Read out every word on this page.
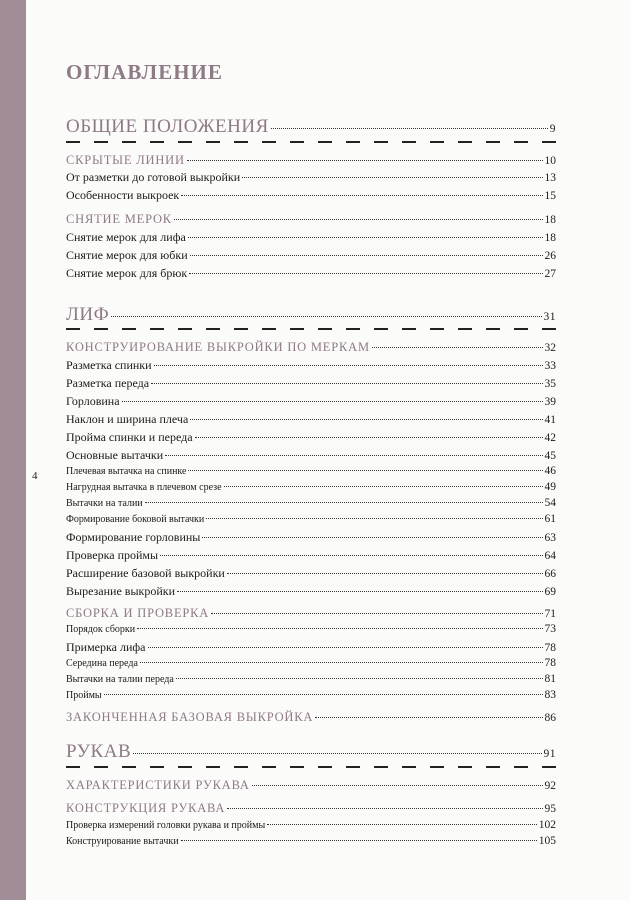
ОГЛАВЛЕНИЕ
4
ОБЩИЕ ПОЛОЖЕНИЯ	9
СКРЫТЫЕ ЛИНИИ	10
От разметки до готовой выкройки	13
Особенности выкроек	15
СНЯТИЕ МЕРОК	18
Снятие мерок для лифа	18
Снятие мерок для юбки	26
Снятие мерок для брюк	27
ЛИФ	31
КОНСТРУИРОВАНИЕ ВЫКРОЙКИ ПО МЕРКАМ	32
Разметка спинки	33
Разметка переда	35
Горловина	39
Наклон и ширина плеча	41
Пройма спинки и переда	42
Основные вытачки	45
Плечевая вытачка на спинке	46
Нагрудная вытачка в плечевом срезе	49
Вытачки на талии	54
Формирование боковой вытачки	61
Формирование горловины	63
Проверка проймы	64
Расширение базовой выкройки	66
Вырезание выкройки	69
СБОРКА И ПРОВЕРКА	71
Порядок сборки	73
Примерка лифа	78
Середина переда	78
Вытачки на талии переда	81
Проймы	83
ЗАКОНЧЕННАЯ БАЗОВАЯ ВЫКРОЙКА	86
РУКАВ	91
ХАРАКТЕРИСТИКИ РУКАВА	92
КОНСТРУКЦИЯ РУКАВА	95
Проверка измерений головки рукава и проймы	102
Конструирование вытачки	105
